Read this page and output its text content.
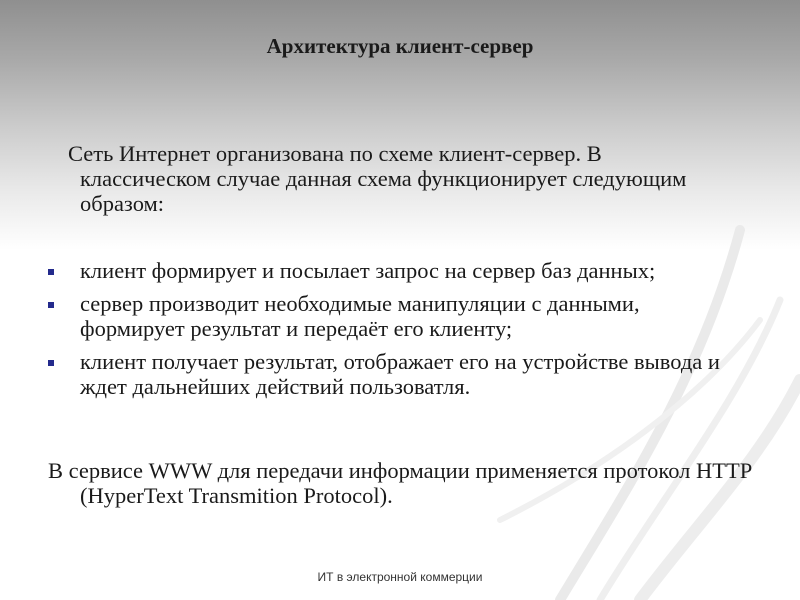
Архитектура клиент-сервер
Сеть Интернет организована по схеме клиент-сервер. В классическом случае данная схема функционирует следующим образом:
клиент формирует и посылает запрос на сервер баз данных;
сервер производит необходимые манипуляции с данными, формирует результат и передаёт его клиенту;
клиент получает результат, отображает его на устройстве вывода и ждет дальнейших действий пользоватля.
В сервисе WWW для передачи информации применяется протокол HTTP (HyperText Transmition Protocol).
ИТ в электронной коммерции
